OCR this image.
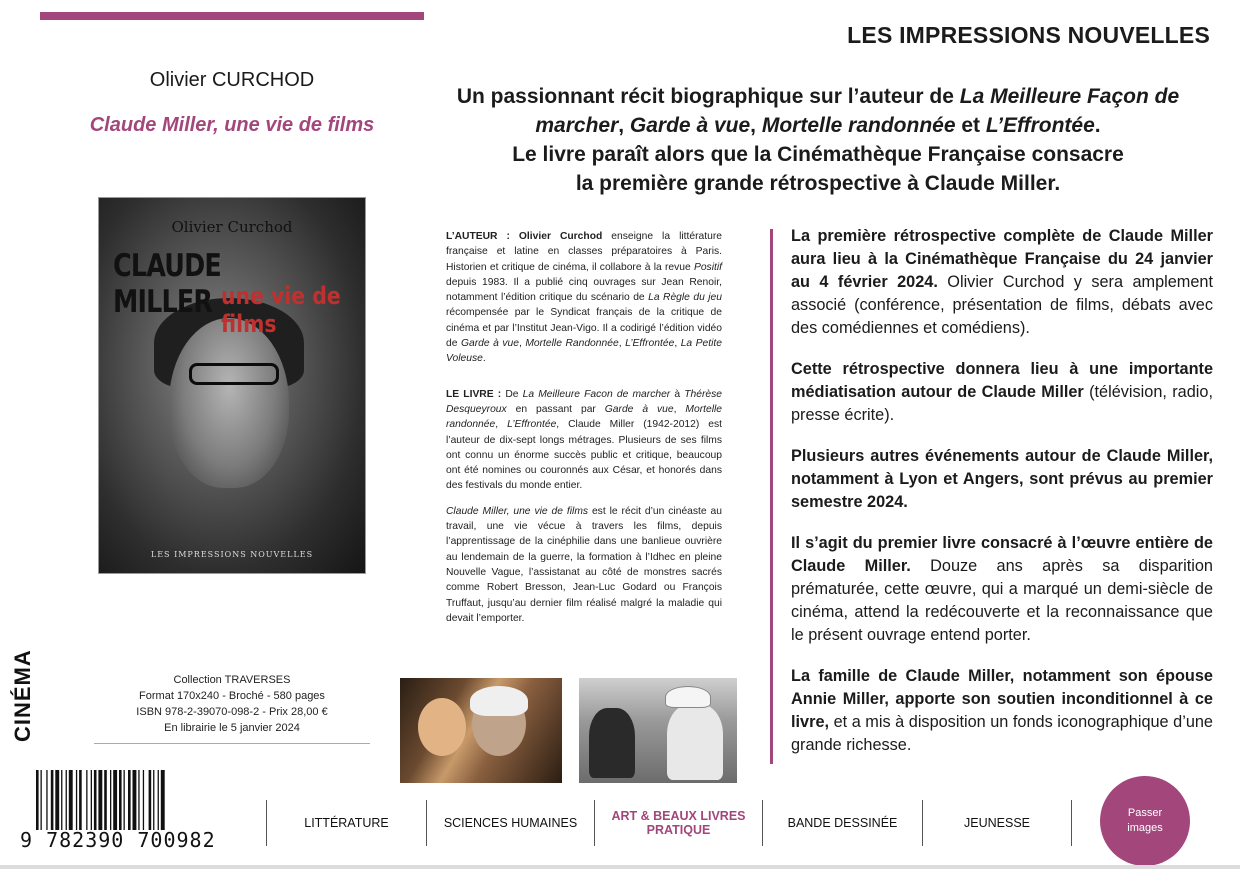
LES IMPRESSIONS NOUVELLES
Olivier CURCHOD
Claude Miller, une vie de films
Olivier Curchod
CLAUDE MILLER une vie de films
LES IMPRESSIONS NOUVELLES
CINÉMA	Collection TRAVERSES
Format 170x240 - Broché - 580 pages
ISBN 978-2-39070-098-2 - Prix 28,00 €
En librairie le 5 janvier 2024
9 782390 700982
Un passionnant récit biographique sur l’auteur de La Meilleure Façon de marcher, Garde à vue, Mortelle randonnée et L’Effrontée.
Le livre paraît alors que la Cinémathèque Française consacre
la première grande rétrospective à Claude Miller.

L’AUTEUR : Olivier Curchod enseigne la littérature française et latine en classes préparatoires à Paris. Historien et critique de cinéma, il collabore à la revue Positif depuis 1983. Il a publié cinq ouvrages sur Jean Renoir, notamment l’édition critique du scénario de La Règle du jeu récompensée par le Syndicat français de la critique de cinéma et par l’Institut Jean-Vigo. Il a codirigé l’édition vidéo de Garde à vue, Mortelle Randonnée, L’Effrontée, La Petite Voleuse.

LE LIVRE : De La Meilleure Facon de marcher à Thérèse Desqueyroux en passant par Garde à vue, Mortelle randonnée, L’Effrontée, Claude Miller (1942-2012) est l’auteur de dix-sept longs métrages. Plusieurs de ses films ont connu un énorme succès public et critique, beaucoup ont été nomines ou couronnés aux César, et honorés dans des festivals du monde entier.

Claude Miller, une vie de films est le récit d’un cinéaste au travail, une vie vécue à travers les films, depuis l’apprentissage de la cinéphilie dans une banlieue ouvrière au lendemain de la guerre, la formation à l’Idhec en pleine Nouvelle Vague, l’assistanat au côté de monstres sacrés comme Robert Bresson, Jean-Luc Godard ou François Truffaut, jusqu’au dernier film réalisé malgré la maladie qui devait l’emporter.

La première rétrospective complète de Claude Miller aura lieu à la Cinémathèque Française du 24 janvier au 4 février 2024. Olivier Curchod y sera amplement associé (conférence, présentation de films, débats avec des comédiennes et comédiens).

Cette rétrospective donnera lieu à une importante médiatisation autour de Claude Miller (télévision, radio, presse écrite).

Plusieurs autres événements autour de Claude Miller, notamment à Lyon et Angers, sont prévus au premier semestre 2024.

Il s’agit du premier livre consacré à l’œuvre entière de Claude Miller. Douze ans après sa disparition prématurée, cette œuvre, qui a marqué un demi-siècle de cinéma, attend la redécouverte et la reconnaissance que le présent ouvrage entend porter.

La famille de Claude Miller, notamment son épouse Annie Miller, apporte son soutien inconditionnel à ce livre, et a mis à disposition un fonds iconographique d’une grande richesse.

LITTÉRATURE	SCIENCES HUMAINES	ART & BEAUX LIVRES PRATIQUE	BANDE DESSINÉE	JEUNESSE
Passer images
